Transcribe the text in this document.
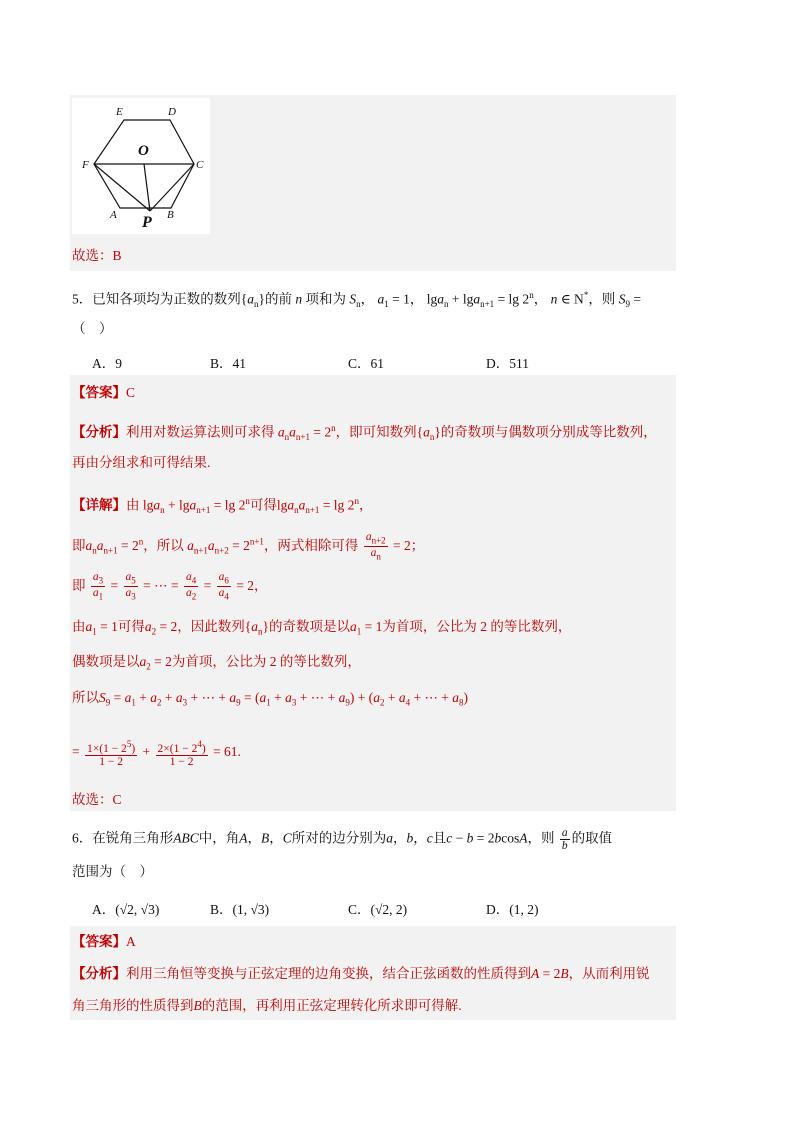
E	D
O
F	C
A P B
故选：B
5．已知各项均为正数的数列$\{a_n\}$的前 n 项和为 $S_n$， $a_1 = 1$， lga$_n$ + lga$_{n+1}$ = lg 2$^n$， n ∈ N*，则 $S_9$ =
（　）
A．9	B．41	C．61	D．511
【答案】C
【分析】利用对数运算法则可求得 $a_na_{n+1} = 2^n$，即可知数列$\{a_n\}$的奇数项与偶数项分别成等比数列，
再由分组求和可得结果.
【详解】由 lga$_n$ + lga$_{n+1}$ = lg 2$^n$可得$\lg a_na_{n+1} = \lg 2^n$，
即$a_na_{n+1} = 2^n$，所以 $a_{n+1}a_{n+2} = 2^{n+1}$，两式相除可得 $\frac{a_{n+2}}{a_n} = 2$；
即 $\frac{a_3}{a_1} = \frac{a_5}{a_3}$ = ⋯ = $\frac{a_4}{a_2} = \frac{a_6}{a_4} = 2$，
由$a_1 = 1$可得$a_2 = 2$，因此数列$\{a_n\}$的奇数项是以$a_1 = 1$为首项，公比为 2 的等比数列，
偶数项是以$a_2 = 2$为首项，公比为 2 的等比数列，
所以$S_9 = a_1 + a_2 + a_3$ + ⋯ + $a_9 = (a_1 + a_3$ + ⋯ + $a_9) + (a_2 + a_4$ + ⋯ + $a_8$)
= $\frac{1\times(1 - 2^5)}{1 - 2} + \frac{2\times(1 - 2^4)}{1 - 2} = 61$.
故选：C
6．在锐角三角形ABC中，角A，B，C所对的边分别为a，b，c且c − b = 2bcosA，则 $\frac{a}{b}$ 的取值
范围为（　）
A．(√2, √3)	B．(1, √3)	C．(√2, 2)	D．(1, 2)
【答案】A
【分析】利用三角恒等变换与正弦定理的边角变换，结合正弦函数的性质得到A = 2B，从而利用锐
角三角形的性质得到B的范围，再利用正弦定理转化所求即可得解.
